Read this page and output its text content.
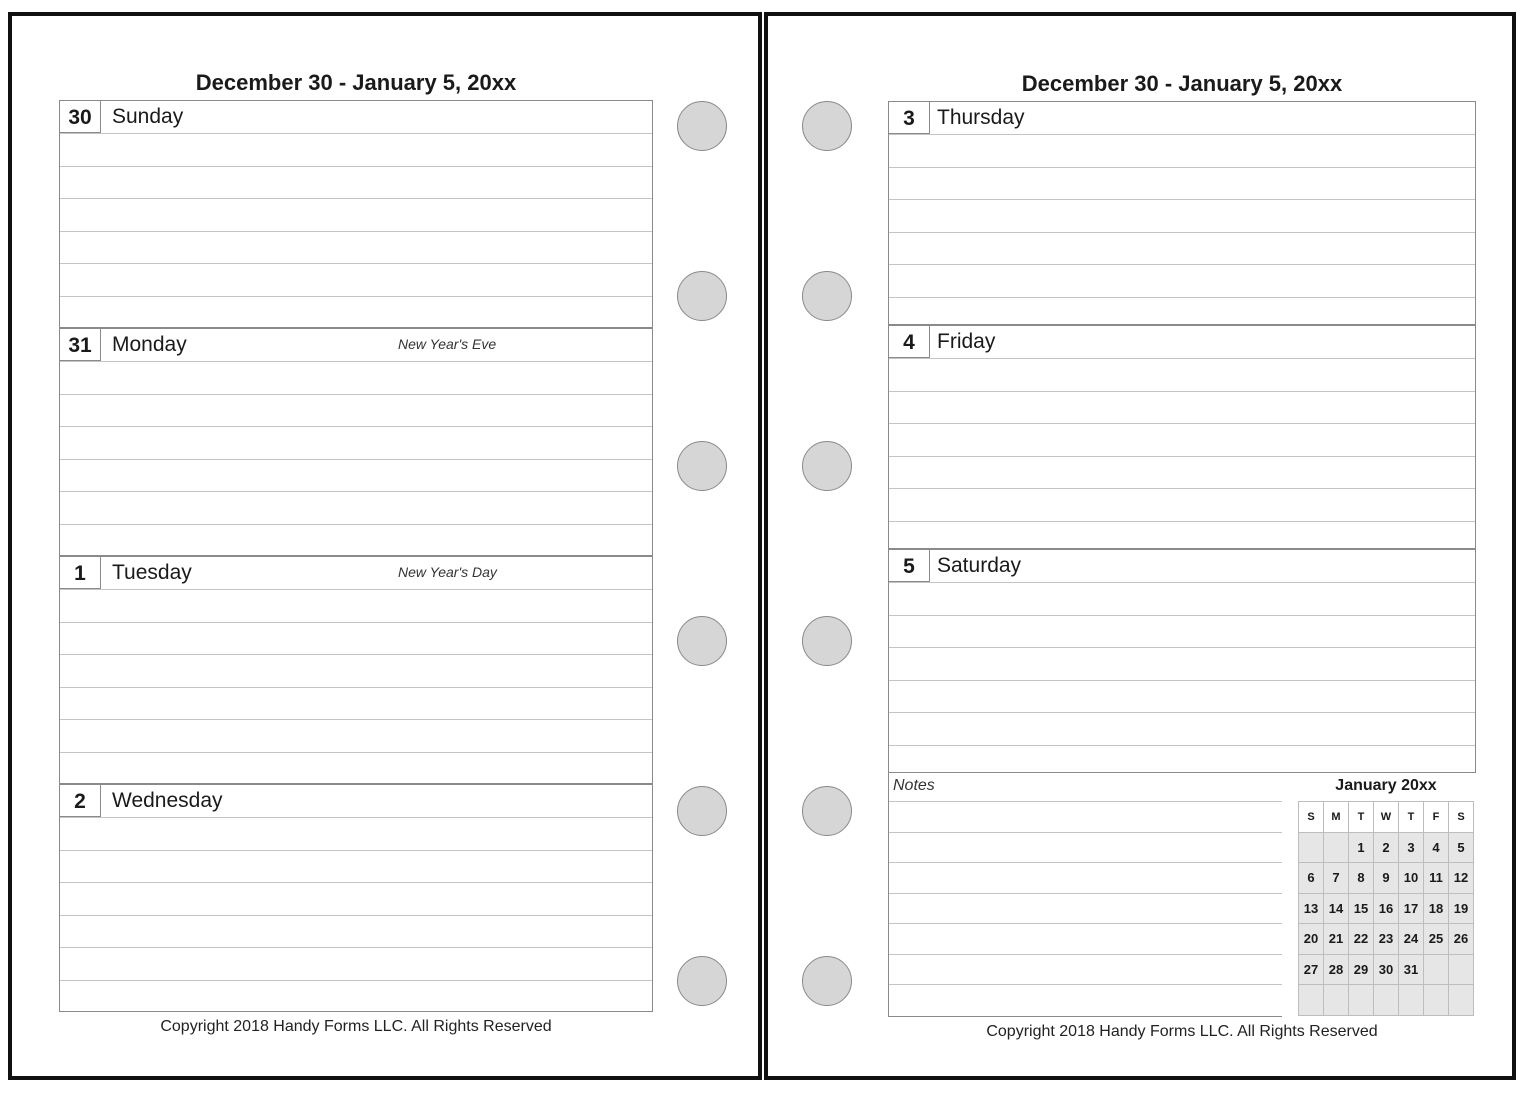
December 30 - January 5, 20xx
30 Sunday
31 Monday	New Year's Eve
1	Tuesday	New Year's Day
2	Wednesday
Copyright 2018 Handy Forms LLC. All Rights Reserved
December 30 - January 5, 20xx
3	Thursday
4	Friday
5	Saturday
Notes	January 20xx
S	M	T	W	T	F	S
		1	2	3	4	5
6	7	8	9	10	11	12
13	14	15	16	17	18	19
20	21	22	23	24	25	26
27	28	29	30	31		

Copyright 2018 Handy Forms LLC. All Rights Reserved
